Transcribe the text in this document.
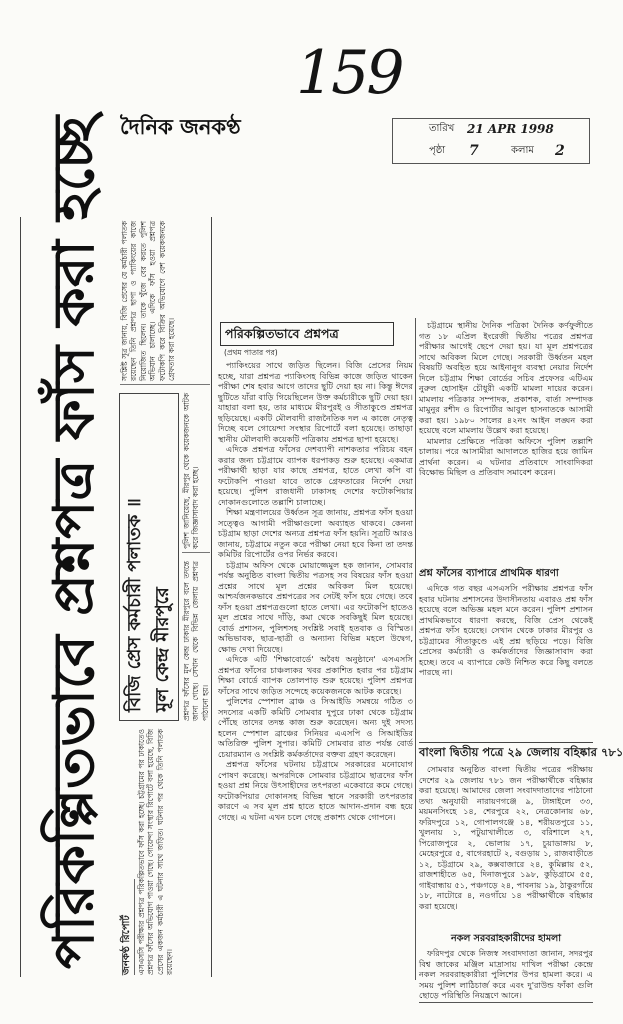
159
দৈনিক জনকণ্ঠ	তারিখ 21 APR 1998
পৃষ্ঠা 7	কলাম 2
পরিকল্পিতভাবে প্রশ্নপত্র ফাঁস করা হচ্ছে	জনকণ্ঠ রিপোর্ট এসএসসি পরীক্ষার প্রশ্নপত্র পরিকল্পিতভাবে ফাঁস করা হচ্ছে। চট্টগ্রামের পর ঢাকাতেও প্রশ্নপত্র ফাঁসের অভিযোগ পাওয়া গেছে। গোয়েন্দা সংস্থার রিপোর্টে বলা হয়েছে, বিজি প্রেসের একজন কর্মচারী এ ঘটনার সাথে জড়িত। ঘটনার পর থেকে তিনি পলাতক রয়েছেন।

বিজি প্রেস কর্মচারী পলাতক ॥ মূল কেন্দ্র মীরপুরে	প্রশ্নপত্র ফাঁসের মূল কেন্দ্র ঢাকার মীরপুরে বলে তদন্তে জানা গেছে। সেখান থেকে বিভিন্ন জেলায় প্রশ্নপত্র পাঠানো হয়।

পুলিশ জানিয়েছে, মীরপুর থেকে কয়েকজনকে আটক করে জিজ্ঞাসাবাদ করা হচ্ছে।

সংশ্লিষ্ট সূত্র জানায়, বিজি প্রেসের যে কর্মচারী পলাতক রয়েছেন তিনি প্রশ্নপত্র ছাপা ও প্যাকিংয়ের কাজে নিয়োজিত ছিলেন। তাকে খুঁজে বের করতে পুলিশ অভিযান চালাচ্ছে। এদিকে ফাঁস হওয়া প্রশ্নপত্র ফটোকপি করে বিক্রির অভিযোগে বেশ কয়েকজনকে গ্রেফতার করা হয়েছে।	পরিকল্পিতভাবে প্রশ্নপত্র
(প্রথম পাতার পর)

প্যাকিংয়ের সাথে জড়িত ছিলেন। বিজি প্রেসের নিয়ম হচ্ছে, যারা প্রশ্নপত্র প্যাকিংসহ বিভিন্ন কাজে জড়িত থাকেন পরীক্ষা শেষ হবার আগে তাদের ছুটি দেয়া হয় না। কিন্তু ঈদের ছুটিতে যাঁরা বাড়ি গিয়েছিলেন উক্ত কর্মচারীকে ছুটি দেয়া হয়। যাহারা বলা হয়, তার মাধ্যমে মীরপুরই ও সীতাকুণ্ডে প্রশ্নপত্র ছড়িয়েছে। একটি মৌলবাদী রাজনৈতিক দল এ কাজে নেতৃত্ব দিচ্ছে বলে গোয়েন্দা সংস্থার রিপোর্টে বলা হয়েছে। তাছাড়া স্থানীয় মৌলবাদী কয়েকটি পত্রিকায় প্রশ্নপত্র ছাপা হয়েছে।

এদিকে প্রশ্নপত্র ফাঁসের দেশব্যাপী নাশকতার পরিচয় বহন করার জন্য চট্টগ্রামে ব্যাপক ধরপাকড় শুরু হয়েছে। একমাত্র পরীক্ষার্থী ছাড়া যার কাছে প্রশ্নপত্র, হাতে লেখা কপি বা ফটোকপি পাওয়া যাবে তাকে গ্রেফতারের নির্দেশ দেয়া হয়েছে। পুলিশ রাজধানী ঢাকাসহ দেশের ফটোকপিয়ার দোকানগুলোতে তল্লাশি চালাচ্ছে।

শিক্ষা মন্ত্রণালয়ের উর্ধ্বতন সূত্র জানায়, প্রশ্নপত্র ফাঁস হওয়া সত্ত্বেও আগামী পরীক্ষাগুলো অব্যাহত থাকবে। কেননা চট্টগ্রাম ছাড়া দেশের অন্যত্র প্রশ্নপত্র ফাঁস হয়নি। সূত্রটি আরও জানায়, চট্টগ্রামে নতুন করে পরীক্ষা নেয়া হবে কিনা তা তদন্ত কমিটির রিপোর্টের ওপর নির্ভর করবে।

চট্টগ্রাম অফিস থেকে মোয়াজ্জেমুল হক জানান, সোমবার পর্যন্ত অনুষ্ঠিত বাংলা দ্বিতীয় পত্রসহ সব বিষয়ের ফাঁস হওয়া প্রশ্নের সাথে মূল প্রশ্নের অবিকল মিল হয়েছে। আশ্চর্যজনকভাবে প্রশ্নপত্রের সব সেটই ফাঁস হয়ে গেছে। তবে ফাঁস হওয়া প্রশ্নপত্রগুলো হাতে লেখা। এর ফটোকপি হাতেও মূল প্রশ্নের সাথে দাঁড়ি, কমা থেকে সবকিছুই মিল হয়েছে। বোর্ড প্রশাসন, পুলিশসহ সংশ্লিষ্ট সবাই হতবাক ও বিস্মিত। অভিভাবক, ছাত্র-ছাত্রী ও অন্যান্য বিভিন্ন মহলে উদ্বেগ, ক্ষোভ দেখা দিয়েছে।

এদিকে এটি 'শিক্ষাবোর্ডে' অবৈধ অনুষ্ঠানে' এসএসসি প্রশ্নপত্র ফাঁসের চাঞ্চল্যকর খবর প্রকাশিত হবার পর চট্টগ্রাম শিক্ষা বোর্ডে ব্যাপক তোলপাড় শুরু হয়েছে। পুলিশ প্রশ্নপত্র ফাঁসের সাথে জড়িত সন্দেহে কয়েকজনকে আটক করেছে।

পুলিশের স্পেশাল ব্রাঞ্চ ও সিআইডি সমন্বয়ে গঠিত ৩ সদস্যের একটি কমিটি সোমবার দুপুরে ঢাকা থেকে চট্টগ্রাম পৌঁছে তাদের তদন্ত কাজ শুরু করেছেন। অন্য দুই সদস্য হলেন স্পেশাল ব্রাঞ্চের সিনিয়র এএসপি ও সিআইডির অতিরিক্ত পুলিশ সুপার। কমিটি সোমবার রাত পর্যন্ত বোর্ড চেয়ারম্যান ও সংশ্লিষ্ট কর্মকর্তাদের বক্তব্য গ্রহণ করেছেন।

প্রশ্নপত্র ফাঁসের ঘটনায় চট্টগ্রামে সরকারের মনোযোগ পোষণ করেছে। অপরদিকে সোমবার চট্টগ্রামে ছাত্রদের ফাঁস হওয়া প্রশ্ন নিয়ে উৎসাহীদের তৎপরতা একেবারে কমে গেছে। ফটোকপিয়ার দোকানসহ বিভিন্ন স্থানে সরকারী তৎপরতার কারণে এ সব মূল প্রশ্ন হাতে হাতে আদান-প্রদান বন্ধ হয়ে গেছে। এ ঘটনা এখন চলে গেছে প্রকাশ্য থেকে গোপনে।

চট্টগ্রামে স্থানীয় দৈনিক পত্রিকা দৈনিক কর্ণফুলীতে গত ১৮ এপ্রিল ইংরেজী দ্বিতীয় পত্রের প্রশ্নপত্র পরীক্ষার আগেই ছেপে দেয়া হয়। যা মূল প্রশ্নপত্রের সাথে অবিকল মিলে গেছে। সরকারী উর্ধ্বতন মহল বিষয়টি অবহিত হয়ে আইনানুগ ব্যবস্থা নেয়ার নির্দেশ দিলে চট্টগ্রাম শিক্ষা বোর্ডের সচিব প্রফেসর এটিএম নুরুল হোসাইন চৌধুরী একটি মামলা দায়ের করেন। মামলায় পত্রিকার সম্পাদক, প্রকাশক, বার্তা সম্পাদক মামুনুর রশীদ ও রিপোর্টার আবুল হাসনাতকে আসামী করা হয়। ১৯৮০ সালের ৪২নং আইন লঙ্ঘন করা হয়েছে বলে মামলায় উল্লেখ করা হয়েছে।

মামলার প্রেক্ষিতে পত্রিকা অফিসে পুলিশ তল্লাশি চালায়। পরে আসামীরা আদালতে হাজির হয়ে জামিন প্রার্থনা করেন। এ ঘটনার প্রতিবাদে সাংবাদিকরা বিক্ষোভ মিছিল ও প্রতিবাদ সমাবেশ করেন।

প্রশ্ন ফাঁসের ব্যাপারে প্রাথমিক ধারণা

এদিকে গত বছর এসএসসি পরীক্ষায় প্রশ্নপত্র ফাঁস হবার ঘটনায় প্রশাসনের উদাসীনতায় এবারও প্রশ্ন ফাঁস হয়েছে বলে অভিজ্ঞ মহল মনে করেন। পুলিশ প্রশাসন প্রাথমিকভাবে ধারণা করছে, বিজি প্রেস থেকেই প্রশ্নপত্র ফাঁস হয়েছে। সেখান থেকে ঢাকার মীরপুর ও চট্টগ্রামের সীতাকুণ্ডে এই প্রশ্ন ছড়িয়ে পড়ে। বিজি প্রেসের কর্মচারী ও কর্মকর্তাদের জিজ্ঞাসাবাদ করা হচ্ছে। তবে এ ব্যাপারে কেউ নিশ্চিত করে কিছু বলতে পারছে না।

বাংলা দ্বিতীয় পত্রে ২৯ জেলায় বহিষ্কার ৭৮১

সোমবার অনুষ্ঠিত বাংলা দ্বিতীয় পত্রের পরীক্ষায় দেশের ২৯ জেলায় ৭৮১ জন পরীক্ষার্থীকে বহিষ্কার করা হয়েছে। আমাদের জেলা সংবাদদাতাদের পাঠানো তথ্য অনুযায়ী নারায়ণগঞ্জে ৯, টাঙ্গাইলে ৩৩, ময়মনসিংহে ১৪, শেরপুরে ২২, নেত্রকোনায় ৬৮, ফরিদপুরে ১২, গোপালগঞ্জে ১৪, শরীয়তপুরে ১১, খুলনায় ১, পটুয়াখালীতে ৩, বরিশালে ২৭, পিরোজপুরে ২, ভোলায় ১৭, চুয়াডাঙ্গায় ৮, মেহেরপুরে ৫, বাগেরহাটে ২, বগুড়ায় ১, রাজবাড়ীতে ১২, চট্টগ্রামে ২৯, কক্সবাজারে ২৪, কুমিল্লায় ৫২, রাজশাহীতে ৬৫, দিনাজপুরে ১৯৮, কুড়িগ্রামে ৫৫, গাইবান্ধায় ৫১, পঞ্চগড়ে ২৪, পাবনায় ১৯, ঠাকুরগাঁয়ে ১৮, নাটোরে ৪, নওগাঁয়ে ১৪ পরীক্ষার্থীকে বহিষ্কার করা হয়েছে।

নকল সরবরাহকারীদের হামলা

ফরিদপুর থেকে নিজস্ব সংবাদদাতা জানান, সদরপুর বিশ্ব জাকের মঞ্জিল মাদ্রাসায় দাখিল পরীক্ষা কেন্দ্রে নকল সরবরাহকারীরা পুলিশের উপর হামলা করে। এ সময় পুলিশ লাঠিচার্জ করে এবং দু'রাউন্ড ফাঁকা গুলি ছোড়ে পরিস্থিতি নিয়ন্ত্রণে আনে।
